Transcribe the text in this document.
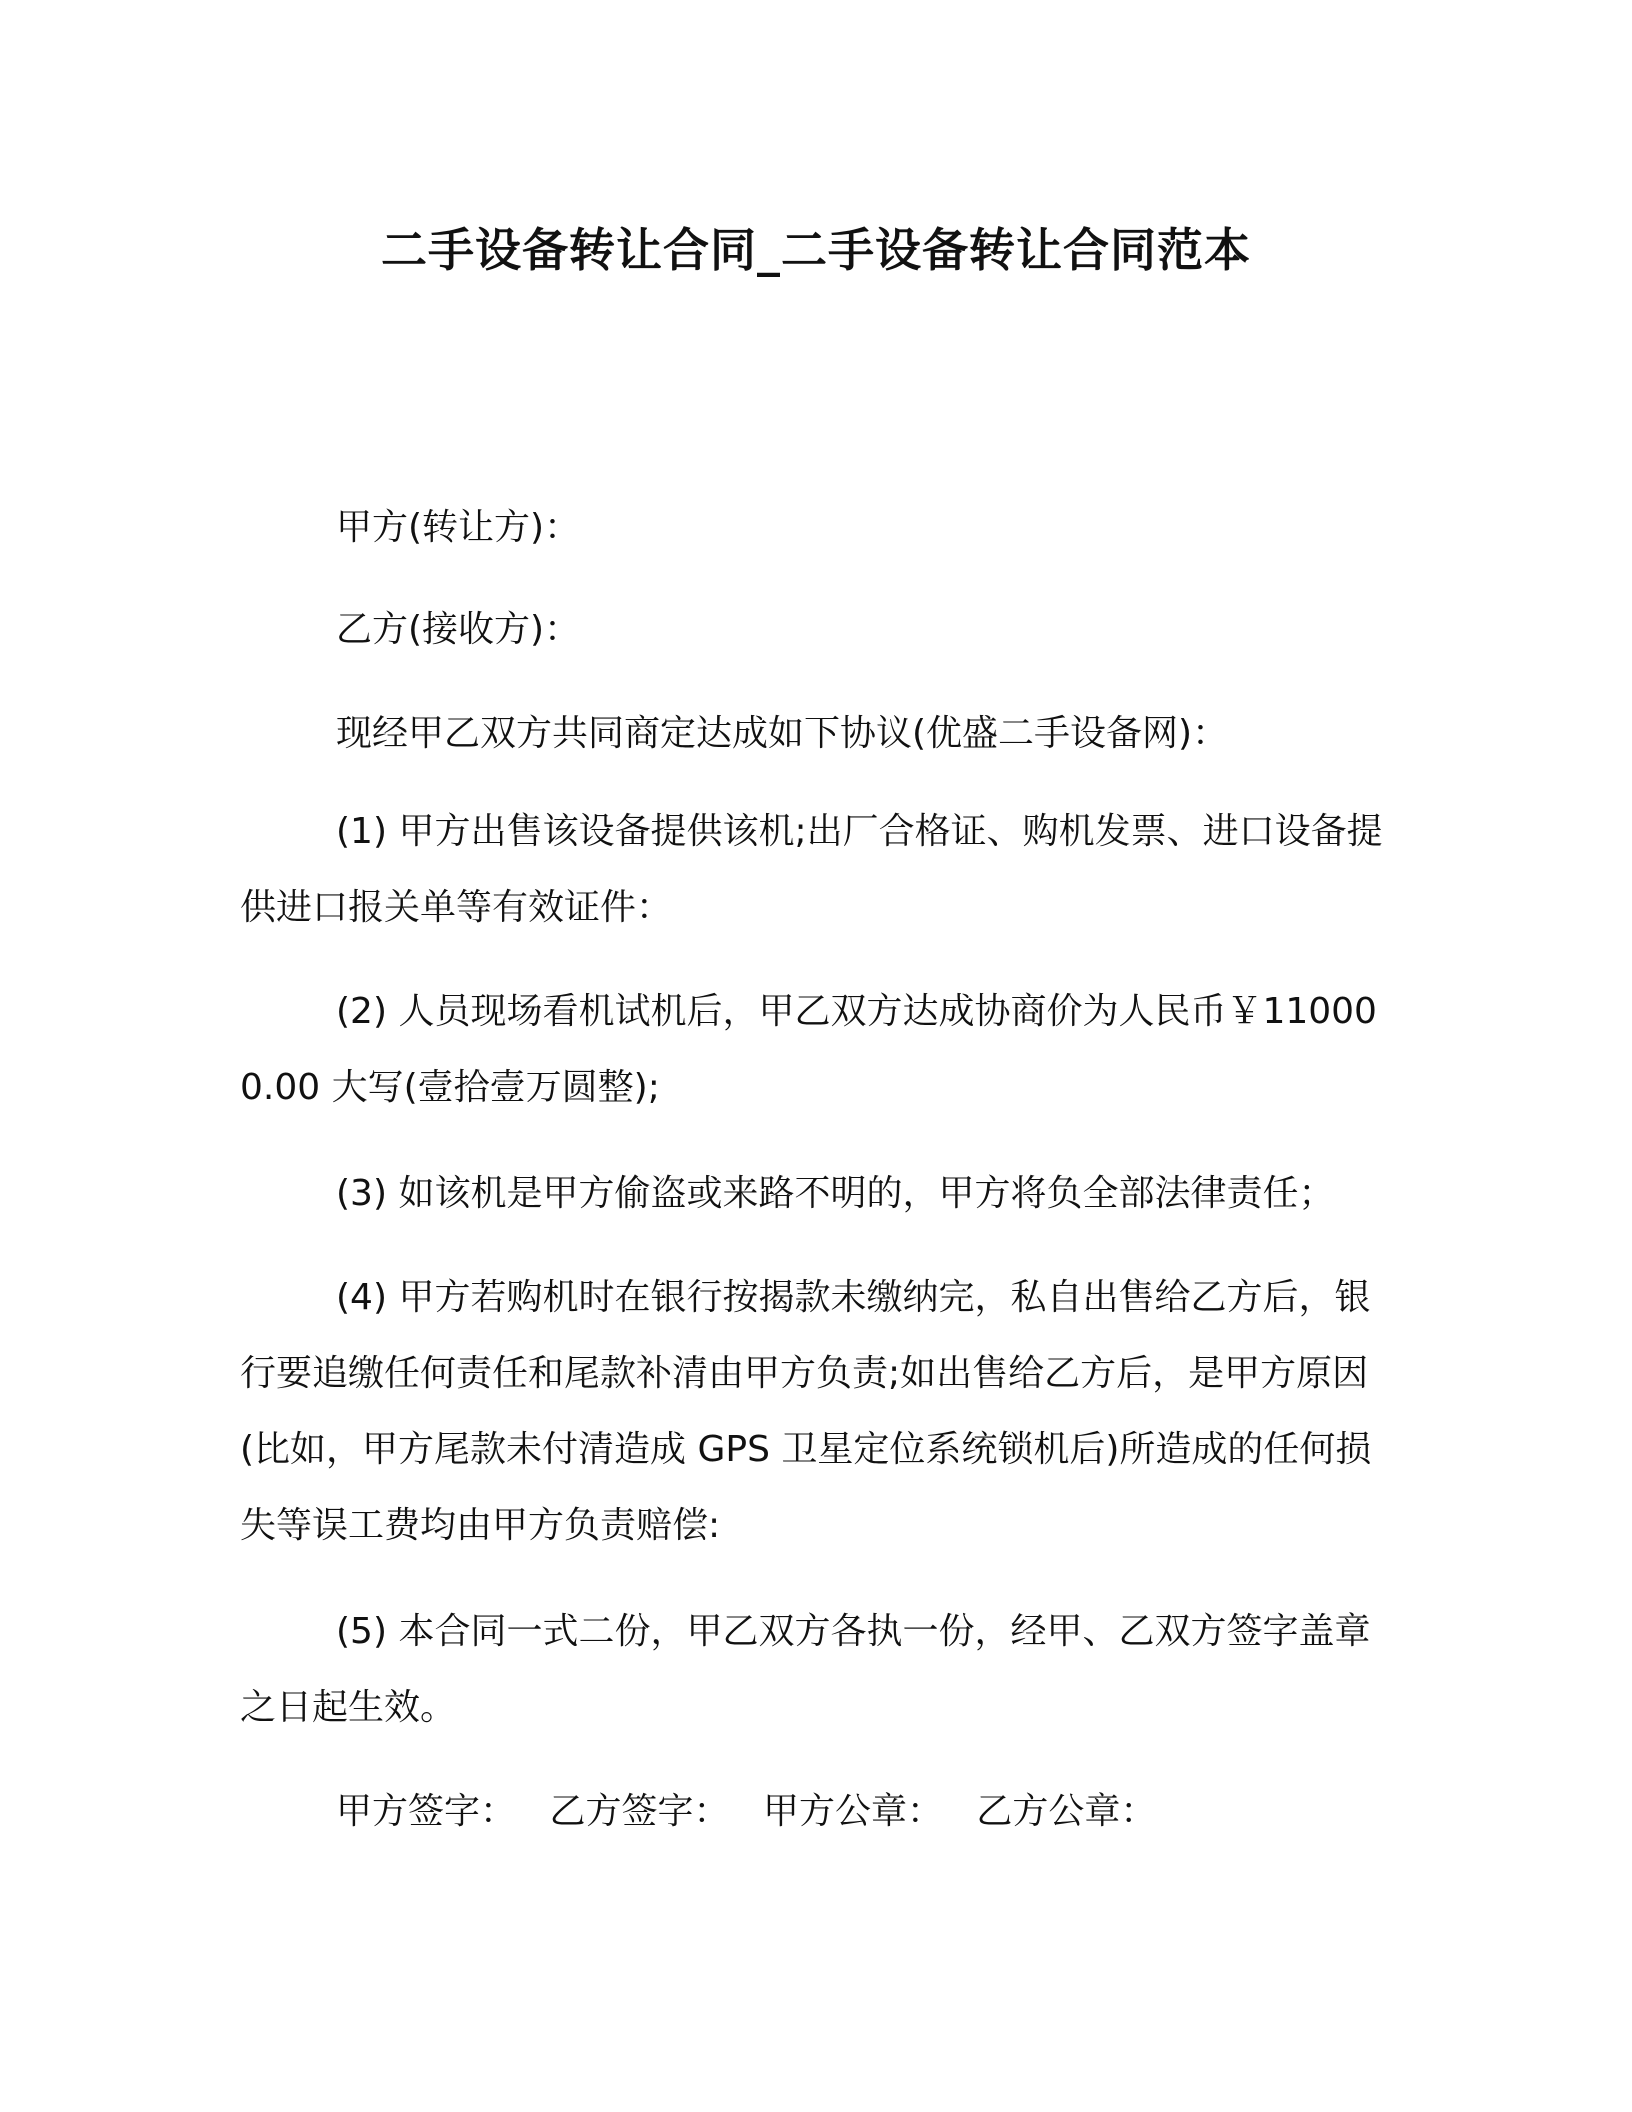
二手设备转让合同_二手设备转让合同范本

甲方(转让方)：

乙方(接收方)：

现经甲乙双方共同商定达成如下协议(优盛二手设备网)：

(1) 甲方出售该设备提供该机;出厂合格证、购机发票、进口设备提供进口报关单等有效证件：

(2) 人员现场看机试机后，甲乙双方达成协商价为人民币￥110000.00 大写(壹拾壹万圆整);

(3) 如该机是甲方偷盗或来路不明的，甲方将负全部法律责任；

(4) 甲方若购机时在银行按揭款未缴纳完，私自出售给乙方后，银行要追缴任何责任和尾款补清由甲方负责;如出售给乙方后，是甲方原因(比如，甲方尾款未付清造成 GPS 卫星定位系统锁机后)所造成的任何损失等误工费均由甲方负责赔偿:

(5) 本合同一式二份，甲乙双方各执一份，经甲、乙双方签字盖章之日起生效。

甲方签字： 乙方签字： 甲方公章： 乙方公章：
